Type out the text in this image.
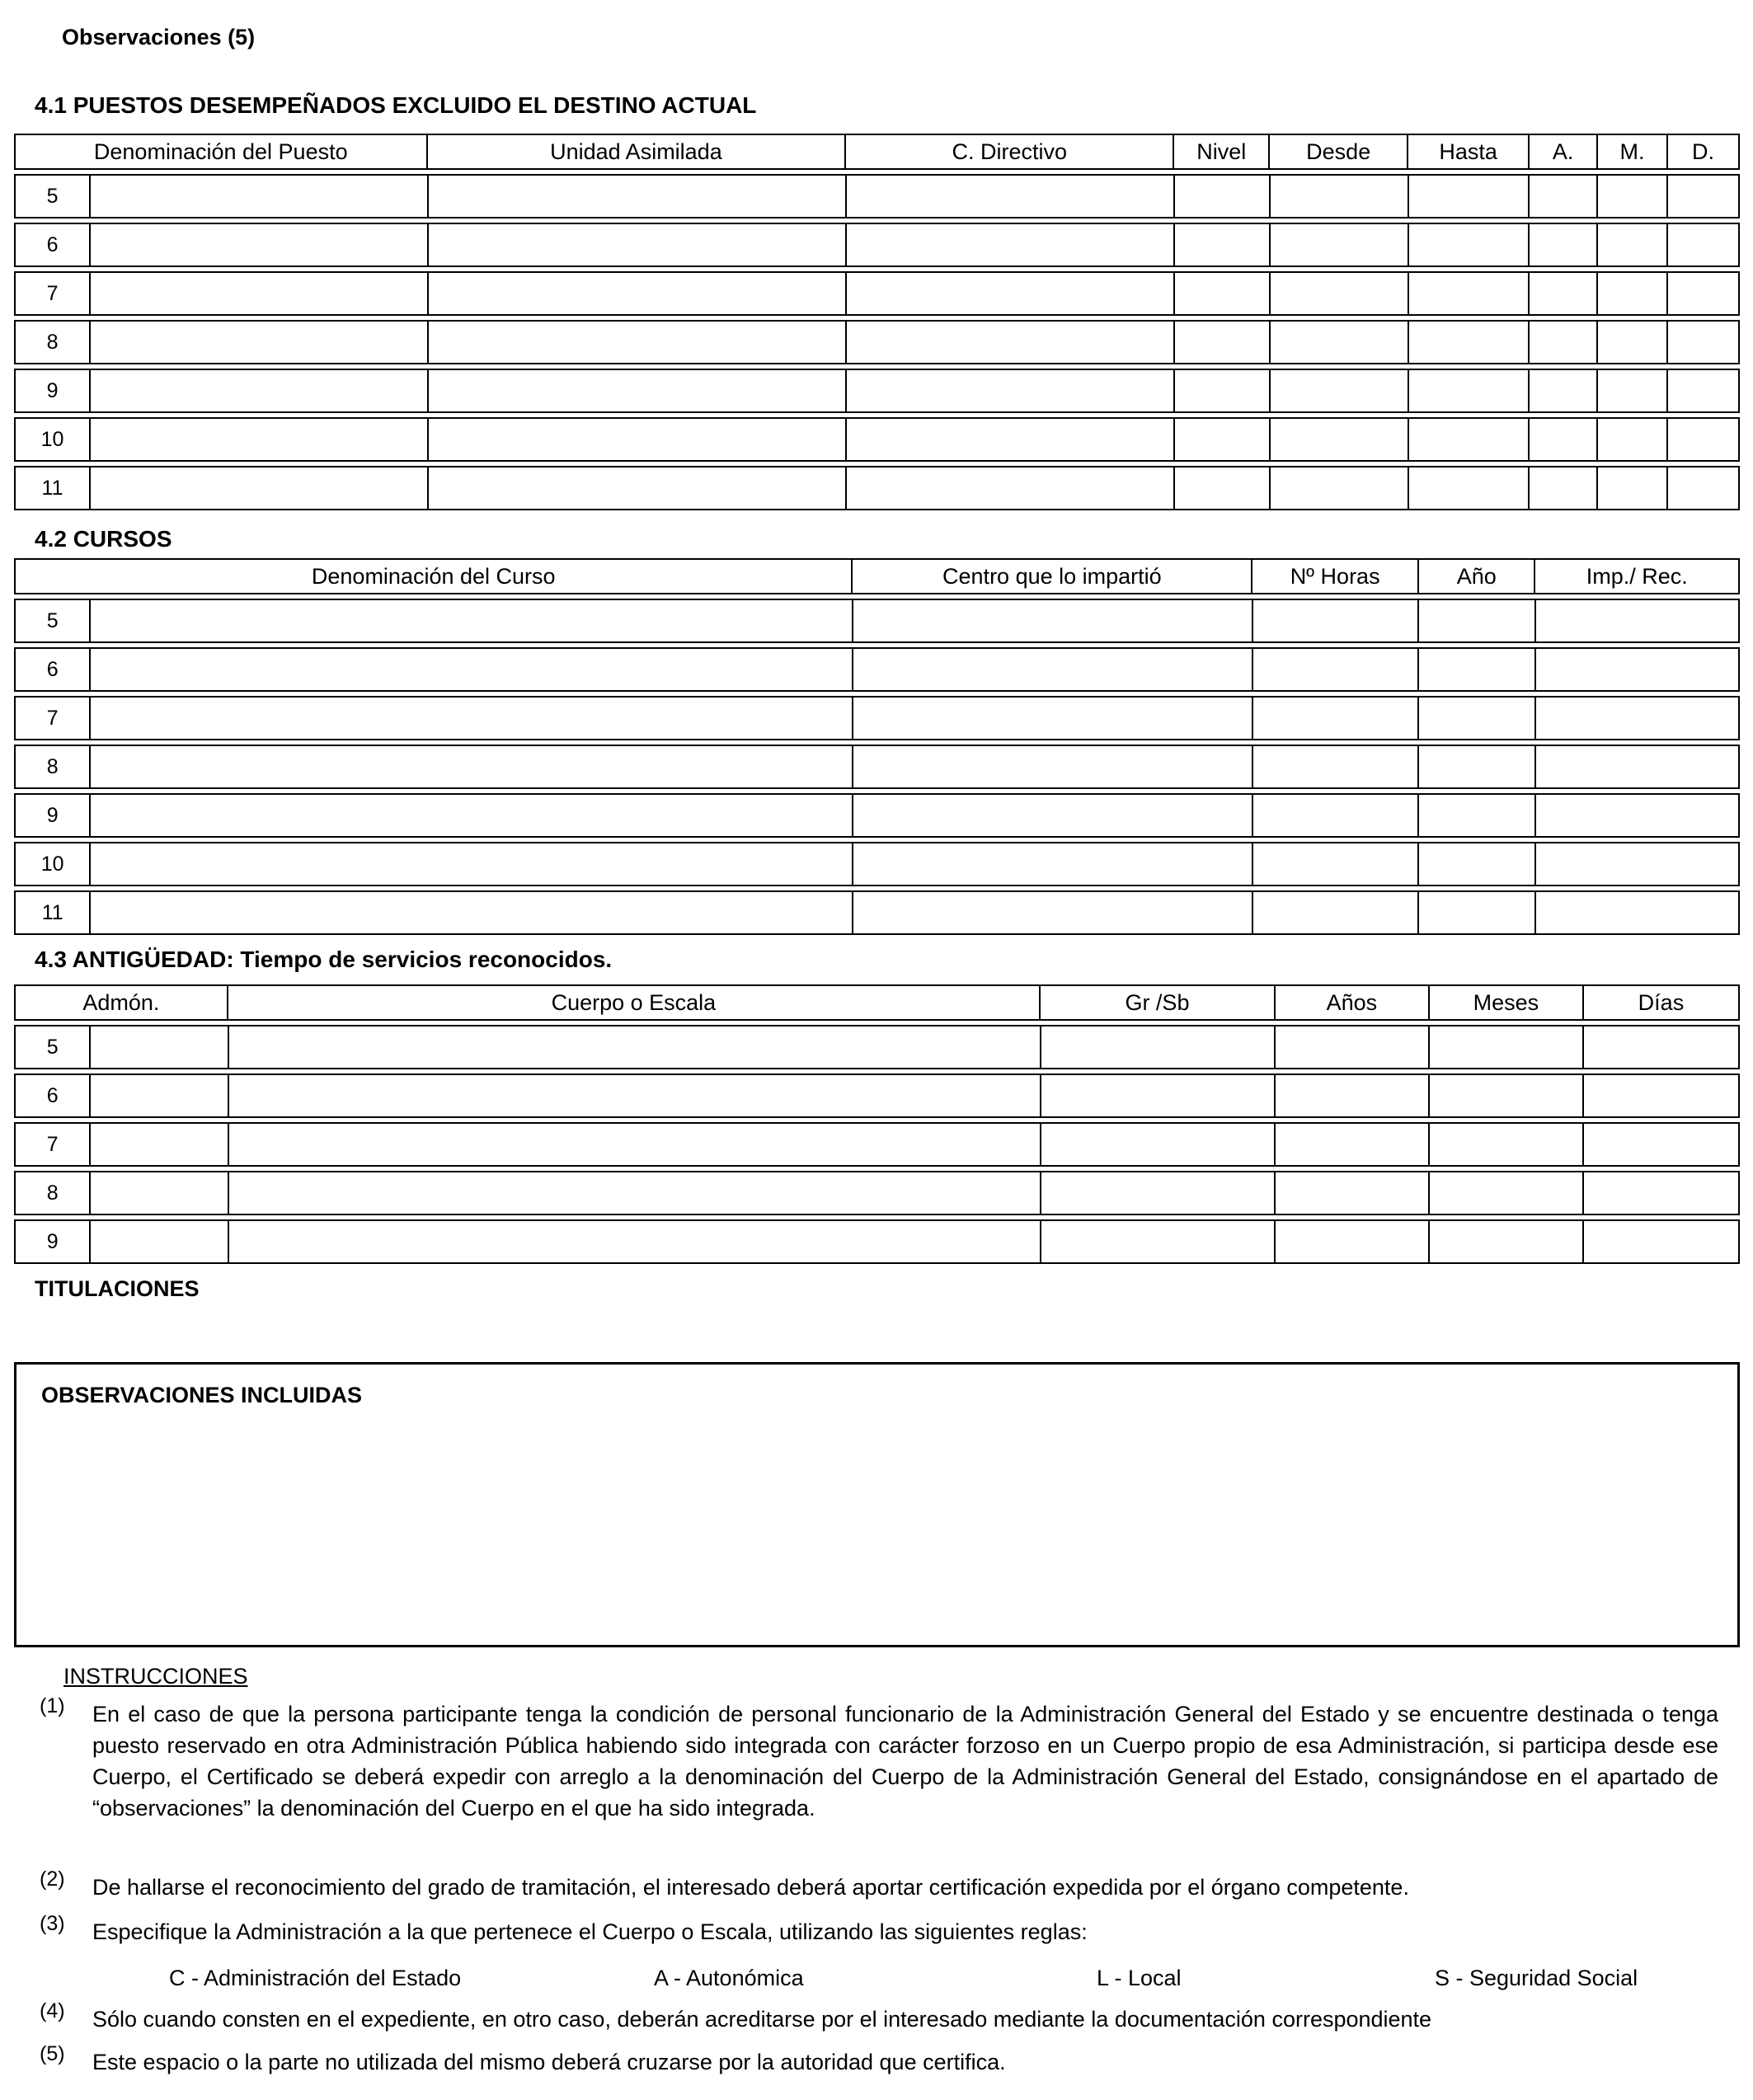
Observaciones (5)
4.1 PUESTOS DESEMPEÑADOS EXCLUIDO EL DESTINO ACTUAL
Denominación del Puesto	Unidad Asimilada	C. Directivo	Nivel	Desde	Hasta	A.	M.	D.
5
6
7
8
9
10
11
4.2 CURSOS
Denominación del Curso	Centro que lo impartió	Nº Horas	Año	Imp./ Rec.
5
6
7
8
9
10
11
4.3 ANTIGÜEDAD: Tiempo de servicios reconocidos.
Admón.	Cuerpo o Escala	Gr /Sb	Años	Meses	Días
5
6
7
8
9
TITULACIONES
OBSERVACIONES INCLUIDAS
INSTRUCCIONES
(1)	En el caso de que la persona participante tenga la condición de personal funcionario de la Administración General del Estado y se encuentre destinada o tenga puesto reservado en otra Administración Pública habiendo sido integrada con carácter forzoso en un Cuerpo propio de esa Administración, si participa desde ese Cuerpo, el Certificado se deberá expedir con arreglo a la denominación del Cuerpo de la Administración General del Estado, consignándose en el apartado de “observaciones” la denominación del Cuerpo en el que ha sido integrada.
(2)	De hallarse el reconocimiento del grado de tramitación, el interesado deberá aportar certificación expedida por el órgano competente.
(3)	Especifique la Administración a la que pertenece el Cuerpo o Escala, utilizando las siguientes reglas:
C - Administración del Estado	A - Autonómica	L - Local	S - Seguridad Social
(4)	Sólo cuando consten en el expediente, en otro caso, deberán acreditarse por el interesado mediante la documentación correspondiente
(5)	Este espacio o la parte no utilizada del mismo deberá cruzarse por la autoridad que certifica.
